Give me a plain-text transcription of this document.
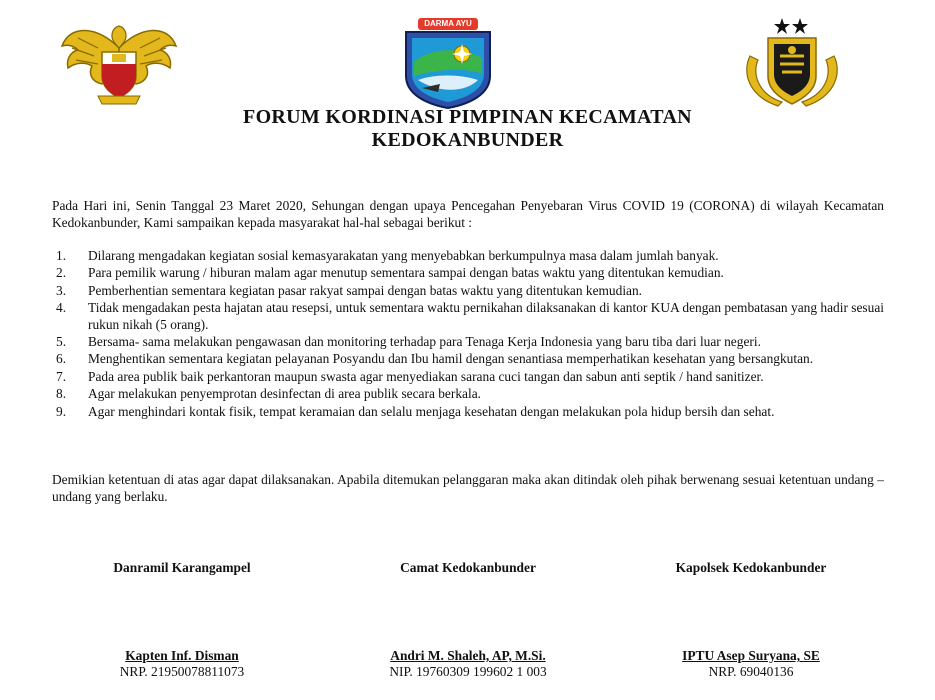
DARMA AYU
FORUM KORDINASI PIMPINAN KECAMATAN
KEDOKANBUNDER
Pada Hari ini, Senin Tanggal 23 Maret 2020, Sehungan dengan upaya Pencegahan Penyebaran Virus COVID 19 (CORONA) di wilayah Kecamatan Kedokanbunder, Kami sampaikan kepada masyarakat hal-hal sebagai berikut :
1.	Dilarang mengadakan kegiatan sosial kemasyarakatan yang menyebabkan berkumpulnya masa dalam jumlah banyak.
2.	Para pemilik warung / hiburan malam agar menutup sementara sampai dengan batas waktu yang ditentukan kemudian.
3.	Pemberhentian sementara kegiatan pasar rakyat sampai dengan batas waktu yang ditentukan kemudian.
4.	Tidak mengadakan pesta hajatan atau resepsi, untuk sementara waktu pernikahan dilaksanakan di kantor KUA dengan pembatasan yang hadir sesuai rukun nikah (5 orang).
5.	Bersama- sama melakukan pengawasan dan monitoring terhadap para Tenaga Kerja Indonesia yang baru tiba dari luar negeri.
6.	Menghentikan sementara kegiatan pelayanan Posyandu dan Ibu hamil dengan senantiasa memperhatikan kesehatan yang bersangkutan.
7.	Pada area publik baik perkantoran maupun swasta agar menyediakan sarana cuci tangan dan sabun anti septik / hand sanitizer.
8.	Agar melakukan penyemprotan desinfectan di area publik secara berkala.
9.	Agar menghindari kontak fisik, tempat keramaian dan selalu menjaga kesehatan dengan melakukan pola hidup bersih dan sehat.
Demikian ketentuan di atas agar dapat dilaksanakan. Apabila ditemukan pelanggaran maka akan ditindak oleh pihak berwenang sesuai ketentuan undang – undang yang berlaku.
Danramil Karangampel
Kapten Inf. Disman
NRP. 21950078811073
Camat Kedokanbunder
Andri M. Shaleh, AP, M.Si.
NIP. 19760309 199602 1 003
Kapolsek Kedokanbunder
IPTU Asep Suryana, SE
NRP. 69040136
